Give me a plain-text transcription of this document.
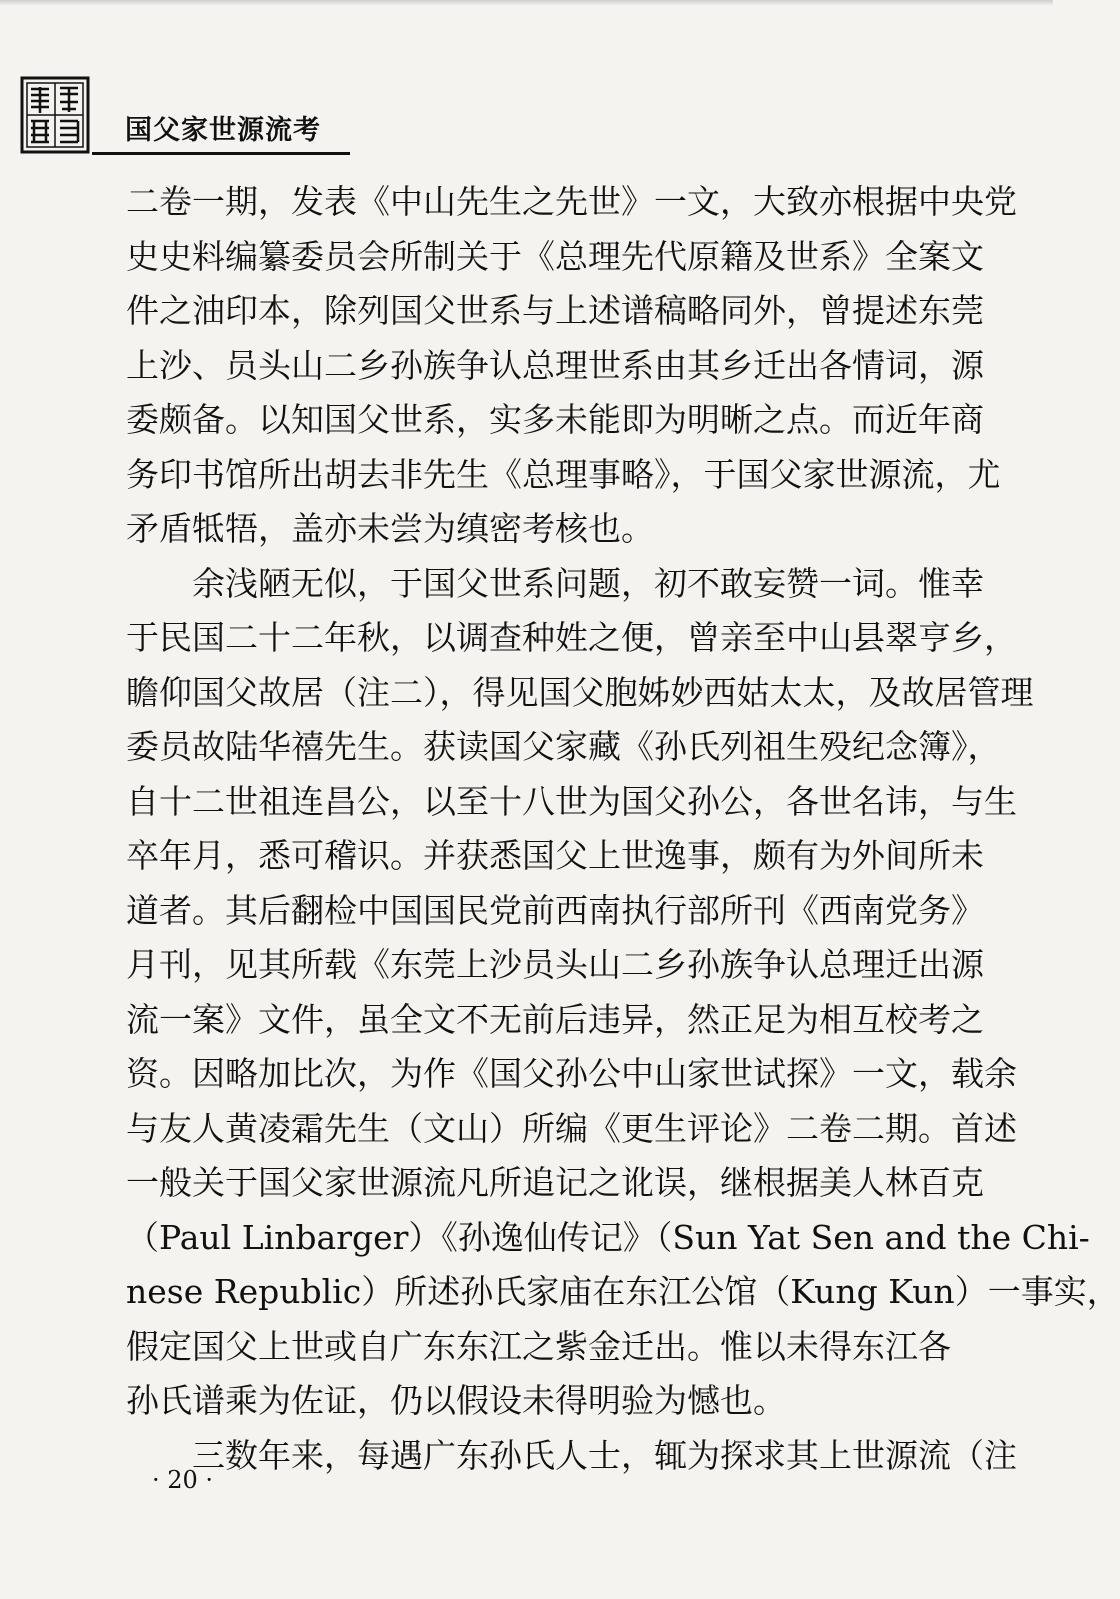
国父家世源流考
二卷一期，发表《中山先生之先世》一文，大致亦根据中央党
史史料编纂委员会所制关于《总理先代原籍及世系》全案文
件之油印本，除列国父世系与上述谱稿略同外，曾提述东莞
上沙、员头山二乡孙族争认总理世系由其乡迁出各情词，源
委颇备。以知国父世系，实多未能即为明晰之点。而近年商
务印书馆所出胡去非先生《总理事略》，于国父家世源流，尤
矛盾牴牾，盖亦未尝为缜密考核也。
余浅陋无似，于国父世系问题，初不敢妄赞一词。惟幸
于民国二十二年秋，以调查种姓之便，曾亲至中山县翠亨乡，
瞻仰国父故居（注二），得见国父胞姊妙西姑太太，及故居管理
委员故陆华禧先生。获读国父家藏《孙氏列祖生殁纪念簿》，
自十二世祖连昌公，以至十八世为国父孙公，各世名讳，与生
卒年月，悉可稽识。并获悉国父上世逸事，颇有为外间所未
道者。其后翻检中国国民党前西南执行部所刊《西南党务》
月刊，见其所载《东莞上沙员头山二乡孙族争认总理迁出源
流一案》文件，虽全文不无前后违异，然正足为相互校考之
资。因略加比次，为作《国父孙公中山家世试探》一文，载余
与友人黄凌霜先生（文山）所编《更生评论》二卷二期。首述
一般关于国父家世源流凡所追记之讹误，继根据美人林百克
（Paul Linbarger）《孙逸仙传记》（Sun Yat Sen and the Chi-
nese Republic）所述孙氏家庙在东江公馆（Kung Kun）一事实，
假定国父上世或自广东东江之紫金迁出。惟以未得东江各
孙氏谱乘为佐证，仍以假设未得明验为憾也。
三数年来，每遇广东孙氏人士，辄为探求其上世源流（注
· 20 ·
